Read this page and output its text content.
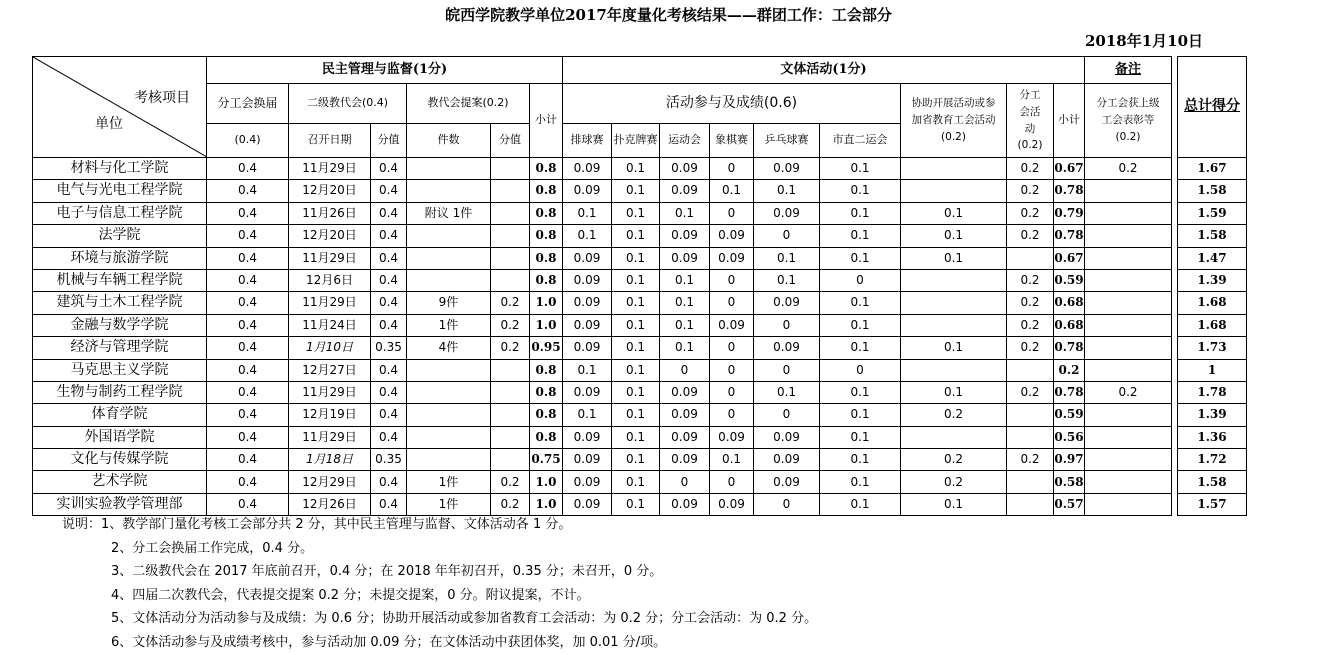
皖西学院教学单位2017年度量化考核结果——群团工作：工会部分
2018年1月10日
考核项目
单位	民主管理与监督(1分)						文体活动(1分)									备注		总计得分
	分工会换届	二级教代会(0.4)		教代会提案(0.2)		小计	活动参与及成绩(0.6)						协助开展活动或参加省教育工会活动(0.2)	分工会活动(0.2)	小计	分工会获上级工会表彰等(0.2)		
	(0.4)	召开日期	分值	件数	分值		排球赛	扑克牌赛	运动会	象棋赛	乒乓球赛	市直二运会						
材料与化工学院	0.4	11月29日	0.4			0.8	0.09	0.1	0.09	0	0.09	0.1		0.2	0.67	0.2		1.67
电气与光电工程学院	0.4	12月20日	0.4			0.8	0.09	0.1	0.09	0.1	0.1	0.1		0.2	0.78			1.58
电子与信息工程学院	0.4	11月26日	0.4	附议 1件		0.8	0.1	0.1	0.1	0	0.09	0.1	0.1	0.2	0.79			1.59
法学院	0.4	12月20日	0.4			0.8	0.1	0.1	0.09	0.09	0	0.1	0.1	0.2	0.78			1.58
环境与旅游学院	0.4	11月29日	0.4			0.8	0.09	0.1	0.09	0.09	0.1	0.1	0.1		0.67			1.47
机械与车辆工程学院	0.4	12月6日	0.4			0.8	0.09	0.1	0.1	0	0.1	0		0.2	0.59			1.39
建筑与土木工程学院	0.4	11月29日	0.4	9件	0.2	1.0	0.09	0.1	0.1	0	0.09	0.1		0.2	0.68			1.68
金融与数学学院	0.4	11月24日	0.4	1件	0.2	1.0	0.09	0.1	0.1	0.09	0	0.1		0.2	0.68			1.68
经济与管理学院	0.4	1月10日	0.35	4件	0.2	0.95	0.09	0.1	0.1	0	0.09	0.1	0.1	0.2	0.78			1.73
马克思主义学院	0.4	12月27日	0.4			0.8	0.1	0.1	0	0	0	0			0.2			1
生物与制药工程学院	0.4	11月29日	0.4			0.8	0.09	0.1	0.09	0	0.1	0.1	0.1	0.2	0.78	0.2		1.78
体育学院	0.4	12月19日	0.4			0.8	0.1	0.1	0.09	0	0	0.1	0.2		0.59			1.39
外国语学院	0.4	11月29日	0.4			0.8	0.09	0.1	0.09	0.09	0.09	0.1			0.56			1.36
文化与传媒学院	0.4	1月18日	0.35			0.75	0.09	0.1	0.09	0.1	0.09	0.1	0.2	0.2	0.97			1.72
艺术学院	0.4	12月29日	0.4	1件	0.2	1.0	0.09	0.1	0	0	0.09	0.1	0.2		0.58			1.58
实训实验教学管理部	0.4	12月26日	0.4	1件	0.2	1.0	0.09	0.1	0.09	0.09	0	0.1	0.1		0.57			1.57
说明：1、教学部门量化考核工会部分共 2 分，其中民主管理与监督、文体活动各 1 分。
2、分工会换届工作完成，0.4 分。
3、二级教代会在 2017 年底前召开，0.4 分；在 2018 年年初召开，0.35 分；未召开，0 分。
4、四届二次教代会，代表提交提案 0.2 分；未提交提案，0 分。附议提案，不计。
5、文体活动分为活动参与及成绩：为 0.6 分；协助开展活动或参加省教育工会活动：为 0.2 分；分工会活动：为 0.2 分。
6、文体活动参与及成绩考核中，参与活动加 0.09 分；在文体活动中获团体奖，加 0.01 分/项。
